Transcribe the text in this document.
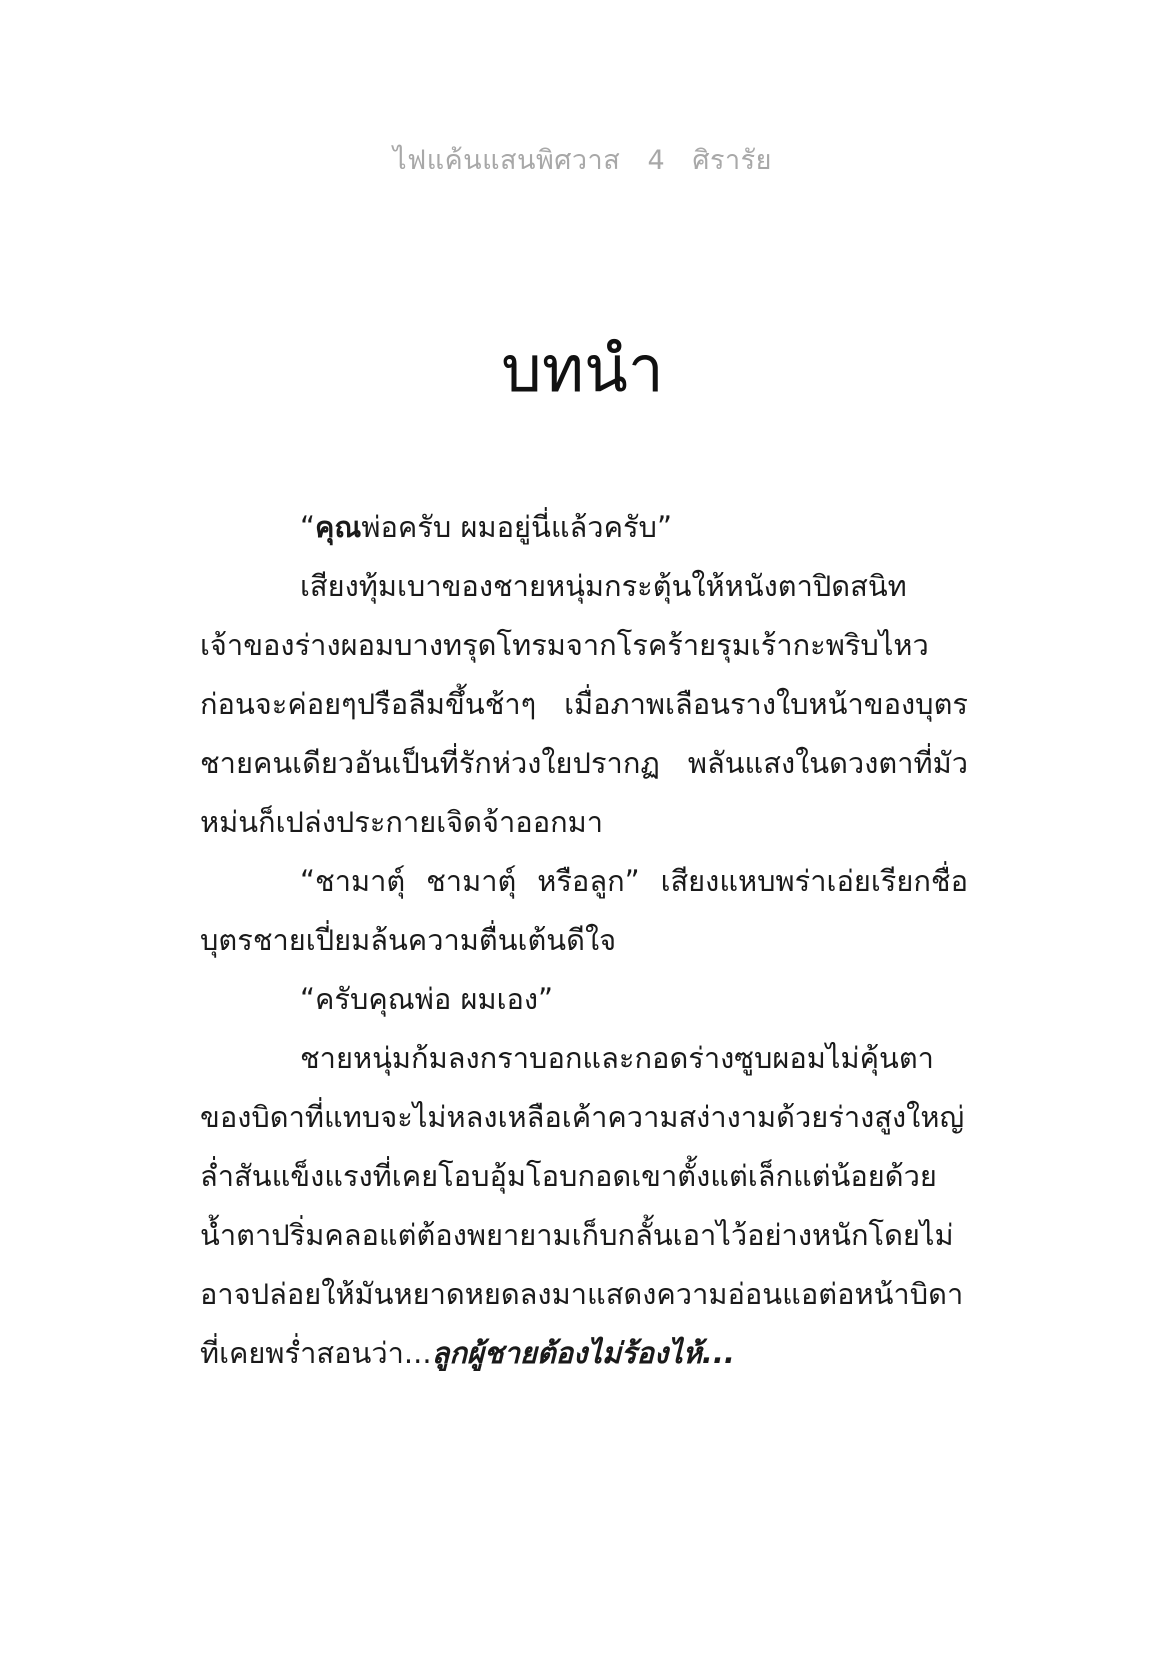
ไฟแค้นแสนพิศวาส   4   ศิรารัย
บทนำ

“คุณพ่อครับ ผมอยู่นี่แล้วครับ”

เสียงทุ้มเบาของชายหนุ่มกระตุ้นให้หนังตาปิดสนิท เจ้าของร่างผอมบางทรุดโทรมจากโรคร้ายรุมเร้ากะพริบไหวก่อนจะค่อยๆปรือลืมขึ้นช้าๆ เมื่อภาพเลือนรางใบหน้าของบุตรชายคนเดียวอันเป็นที่รักห่วงใยปรากฏ พลันแสงในดวงตาที่มัวหม่นก็เปล่งประกายเจิดจ้าออกมา

“ชามาตุ์ ชามาตุ์ หรือลูก” เสียงแหบพร่าเอ่ยเรียกชื่อบุตรชายเปี่ยมล้นความตื่นเต้นดีใจ

“ครับคุณพ่อ ผมเอง”

ชายหนุ่มก้มลงกราบอกและกอดร่างซูบผอมไม่คุ้นตาของบิดาที่แทบจะไม่หลงเหลือเค้าความสง่างามด้วยร่างสูงใหญ่ล่ำสันแข็งแรงที่เคยโอบอุ้มโอบกอดเขาตั้งแต่เล็กแต่น้อยด้วยน้ำตาปริ่มคลอแต่ต้องพยายามเก็บกลั้นเอาไว้อย่างหนักโดยไม่อาจปล่อยให้มันหยาดหยดลงมาแสดงความอ่อนแอต่อหน้าบิดาที่เคยพร่ำสอนว่า...ลูกผู้ชายต้องไม่ร้องไห้...
